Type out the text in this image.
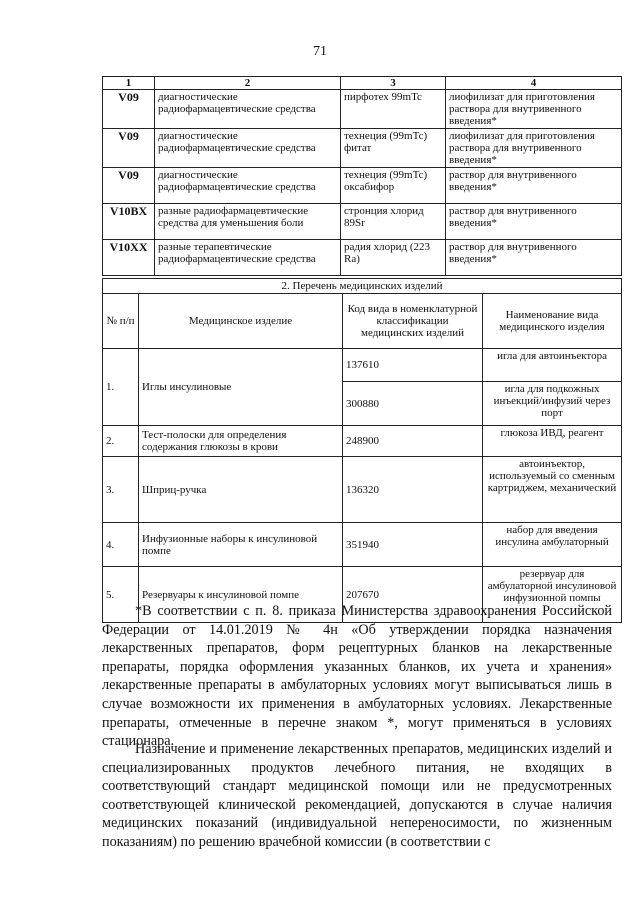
71
1	2	3	4
V09	диагностические радиофармацевтические средства	пирфотех 99mTc	лиофилизат для приготовления раствора для внутривенного введения*
V09	диагностические радиофармацевтические средства	технеция (99mTc) фитат	лиофилизат для приготовления раствора для внутривенного введения*
V09	диагностические радиофармацевтические средства	технеция (99mTc) оксабифор	раствор для внутривенного введения*
V10BX	разные радиофармацевтические средства для уменьшения боли	стронция хлорид 89Sr	раствор для внутривенного введения*
V10XX	разные терапевтические радиофармацевтические средства	радия хлорид (223 Ra)	раствор для внутривенного введения*
2. Перечень медицинских изделий			
№ п/п	Медицинское изделие	Код вида в номенклатурной классификации медицинских изделий	Наименование вида медицинского изделия
1.	Иглы инсулиновые	137610	игла для автоинъектора
		300880	игла для подкожных инъекций/инфузий через порт
2.	Тест-полоски для определения содержания глюкозы в крови	248900	глюкоза ИВД, реагент
3.	Шприц-ручка	136320	автоинъектор, используемый со сменным картриджем, механический
4.	Инфузионные наборы к инсулиновой помпе	351940	набор для введения инсулина амбулаторный
5.	Резервуары к инсулиновой помпе	207670	резервуар для амбулаторной инсулиновой инфузионной помпы

*В соответствии с п. 8. приказа Министерства здравоохранения Российской Федерации от 14.01.2019 № 4н «Об утверждении порядка назначения лекарственных препаратов, форм рецептурных бланков на лекарственные препараты, порядка оформления указанных бланков, их учета и хранения» лекарственные препараты в амбулаторных условиях могут выписываться лишь в случае возможности их применения в амбулаторных условиях. Лекарственные препараты, отмеченные в перечне знаком *, могут применяться в условиях стационара.

Назначение и применение лекарственных препаратов, медицинских изделий и специализированных продуктов лечебного питания, не входящих в соответствующий стандарт медицинской помощи или не предусмотренных соответствующей клинической рекомендацией, допускаются в случае наличия медицинских показаний (индивидуальной непереносимости, по жизненным показаниям) по решению врачебной комиссии (в соответствии с
